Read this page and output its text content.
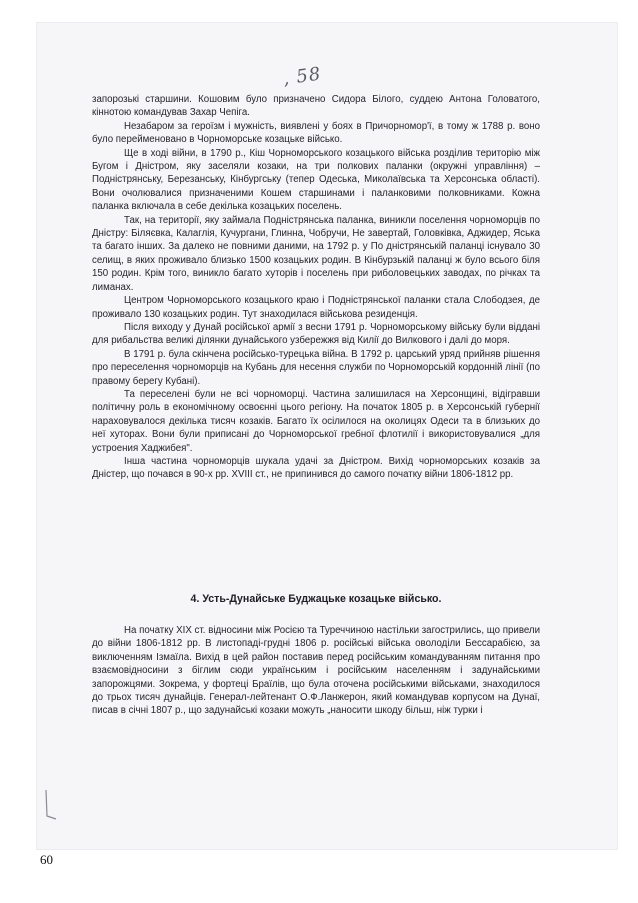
, 58

запорозькі старшини. Кошовим було призначено Сидора Білого, суддею Антона Головатого, кіннотою командував Захар Чепіга.

Незабаром за героїзм і мужність, виявлені у боях в Причорномор'ї, в тому ж 1788 р. воно було перейменовано в Чорноморське козацьке військо.

Ще в ході війни, в 1790 р., Кіш Чорноморського козацького війська розділив територію між Бугом і Дністром, яку заселяли козаки, на три полкових паланки (окружні управління) – Подністрянську, Березанську, Кінбургську (тепер Одеська, Миколаївська та Херсонська області). Вони очолювалися призначеними Кошем старшинами і паланковими полковниками. Кожна паланка включала в себе декілька козацьких поселень.

Так, на території, яку займала Подністрянська паланка, виникли поселення чорноморців по Дністру: Біляєвка, Калаглія, Кучургани, Глинна, Чобручи, Не завертай, Головківка, Аджидер, Яська та багато інших. За далеко не повними даними, на 1792 р. у По дністрянській паланці існувало 30 селищ, в яких проживало близько 1500 козацьких родин. В Кінбурзькій паланці ж було всього біля 150 родин. Крім того, виникло багато хуторів і поселень при риболовецьких заводах, по річках та лиманах.

Центром Чорноморського козацького краю і Подністрянської паланки стала Слободзея, де проживало 130 козацьких родин. Тут знаходилася військова резиденція.

Після виходу у Дунай російської армії з весни 1791 р. Чорноморському війську були віддані для рибальства великі ділянки дунайського узбережжя від Килії до Вилкового і далі до моря.

В 1791 р. була скінчена російсько-турецька війна. В 1792 р. царський уряд прийняв рішення про переселення чорноморців на Кубань для несення служби по Чорноморській кордонній лінії (по правому берегу Кубані).

Та переселені були не всі чорноморці. Частина залишилася на Херсонщині, відігравши політичну роль в економічному освоєнні цього регіону. На початок 1805 р. в Херсонській губернії нараховувалося декілька тисяч козаків. Багато їх осілилося на околицях Одеси та в близьких до неї хуторах. Вони були приписані до Чорноморської гребної флотилії і використовувалися „для устроения Хаджибея".

Інша частина чорноморців шукала удачі за Дністром. Вихід чорноморських козаків за Дністер, що почався в 90-х рр. XVIII ст., не припинився до самого початку війни 1806-1812 рр.

4. Усть-Дунайське Буджацьке козацьке військо.

На початку XIX ст. відносини між Росією та Туреччиною настільки загострились, що привели до війни 1806-1812 рр. В листопаді-грудні 1806 р. російські війська оволоділи Бессарабією, за виключенням Ізмаїла. Вихід в цей район поставив перед російським командуванням питання про взаємовідносини з біглим сюди українським і російським населенням і задунайськими запорожцями. Зокрема, у фортеці Браїлів, що була оточена російськими військами, знаходилося до трьох тисяч дунайців. Генерал-лейтенант О.Ф.Ланжерон, який командував корпусом на Дунаї, писав в січні 1807 р., що задунайські козаки можуть „наносити шкоду більш, ніж турки і

60
